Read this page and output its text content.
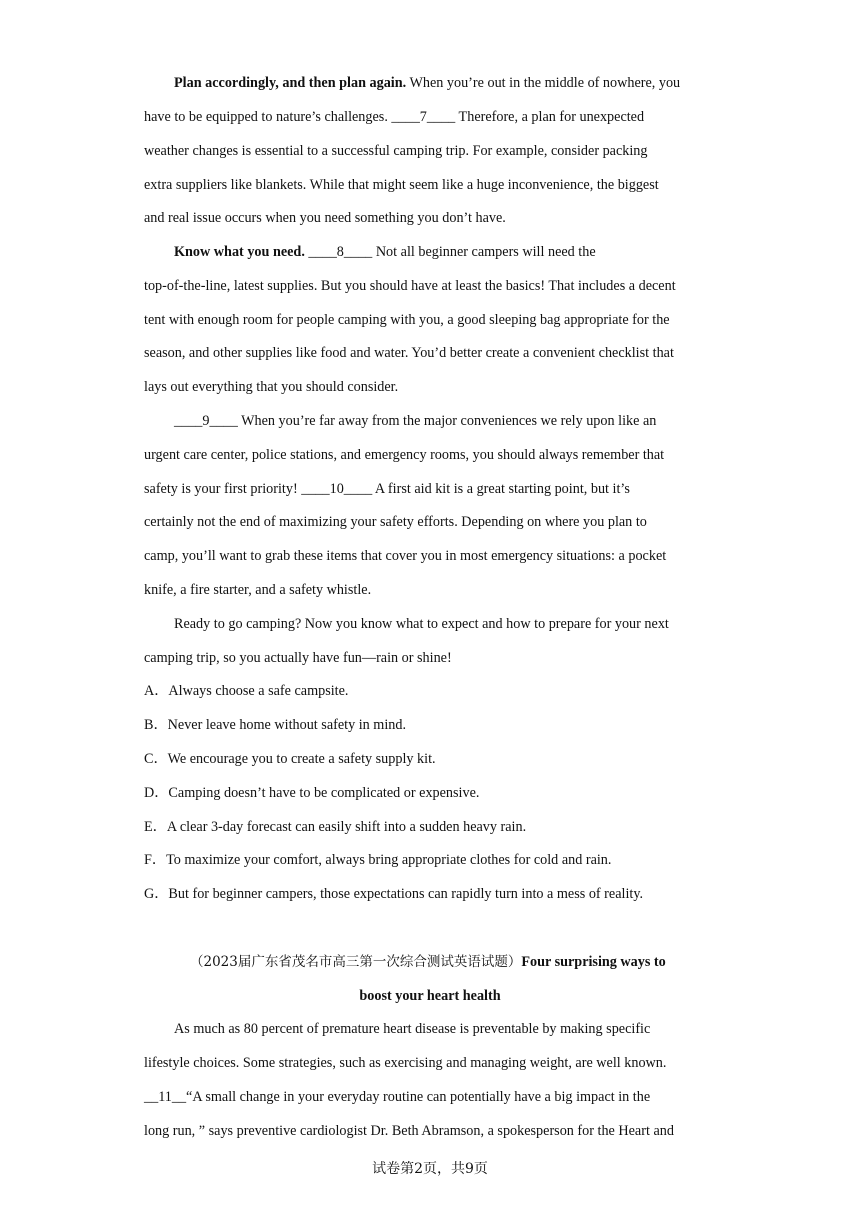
Plan accordingly, and then plan again. When you’re out in the middle of nowhere, you
have to be equipped to nature’s challenges. ____7____ Therefore, a plan for unexpected
weather changes is essential to a successful camping trip. For example, consider packing
extra suppliers like blankets. While that might seem like a huge inconvenience, the biggest
and real issue occurs when you need something you don’t have.
Know what you need. ____8____ Not all beginner campers will need the
top-of-the-line, latest supplies. But you should have at least the basics! That includes a decent
tent with enough room for people camping with you, a good sleeping bag appropriate for the
season, and other supplies like food and water. You’d better create a convenient checklist that
lays out everything that you should consider.
____9____ When you’re far away from the major conveniences we rely upon like an
urgent care center, police stations, and emergency rooms, you should always remember that
safety is your first priority! ____10____ A first aid kit is a great starting point, but it’s
certainly not the end of maximizing your safety efforts. Depending on where you plan to
camp, you’ll want to grab these items that cover you in most emergency situations: a pocket
knife, a fire starter, and a safety whistle.
Ready to go camping? Now you know what to expect and how to prepare for your next
camping trip, so you actually have fun—rain or shine!
A．Always choose a safe campsite.
B．Never leave home without safety in mind.
C．We encourage you to create a safety supply kit.
D．Camping doesn’t have to be complicated or expensive.
E．A clear 3-day forecast can easily shift into a sudden heavy rain.
F．To maximize your comfort, always bring appropriate clothes for cold and rain.
G．But for beginner campers, those expectations can rapidly turn into a mess of reality.
（2023届广东省茂名市高三第一次综合测试英语试题）Four surprising ways to
boost your heart health
As much as 80 percent of premature heart disease is preventable by making specific
lifestyle choices. Some strategies, such as exercising and managing weight, are well known.
__11__“A small change in your everyday routine can potentially have a big impact in the
long run, ” says preventive cardiologist Dr. Beth Abramson, a spokesperson for the Heart and
试卷第2页，共9页
